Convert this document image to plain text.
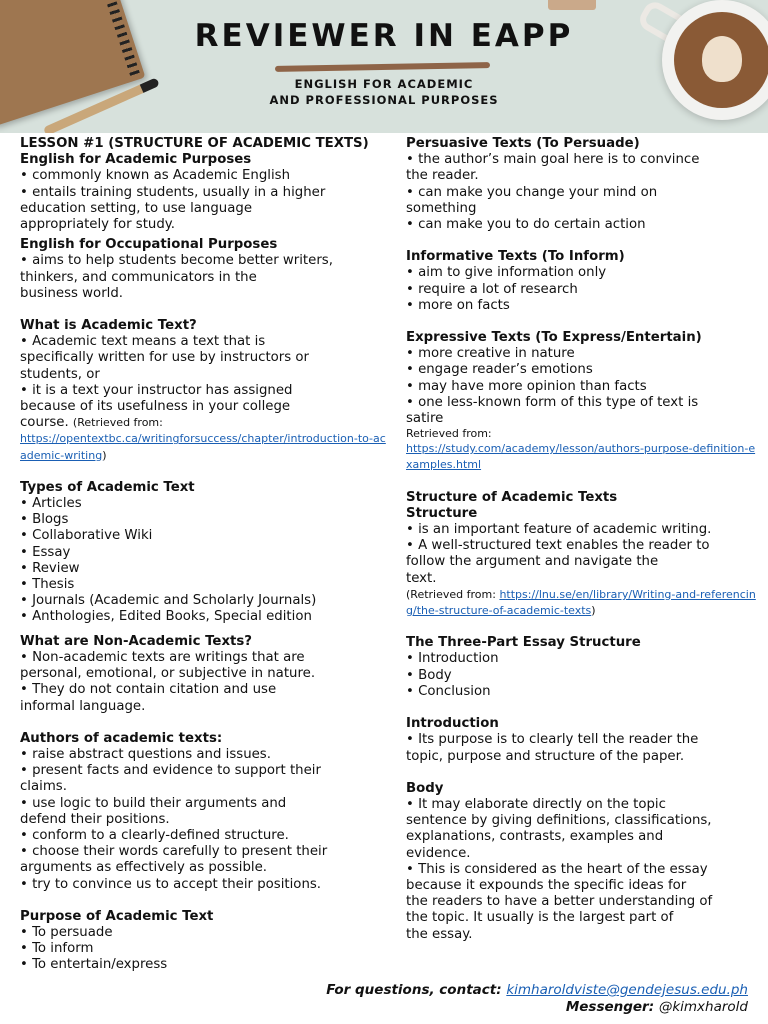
REVIEWER IN EAPP
ENGLISH FOR ACADEMIC
AND PROFESSIONAL PURPOSES
LESSON #1 (STRUCTURE OF ACADEMIC TEXTS)
English for Academic Purposes
• commonly known as Academic English
• entails training students, usually in a higher
education setting, to use language
appropriately for study.
English for Occupational Purposes
• aims to help students become better writers,
thinkers, and communicators in the
business world.
What is Academic Text?
• Academic text means a text that is
specifically written for use by instructors or
students, or
• it is a text your instructor has assigned
because of its usefulness in your college
course. (Retrieved from:
https://opentextbc.ca/writingforsuccess/chapter/introduction-to-academic-writing)
Types of Academic Text
• Articles
• Blogs
• Collaborative Wiki
• Essay
• Review
• Thesis
• Journals (Academic and Scholarly Journals)
• Anthologies, Edited Books, Special edition
What are Non-Academic Texts?
• Non-academic texts are writings that are
personal, emotional, or subjective in nature.
• They do not contain citation and use
informal language.
Authors of academic texts:
• raise abstract questions and issues.
• present facts and evidence to support their
claims.
• use logic to build their arguments and
defend their positions.
• conform to a clearly-defined structure.
• choose their words carefully to present their
arguments as effectively as possible.
• try to convince us to accept their positions.
Purpose of Academic Text
• To persuade
• To inform
• To entertain/express
Persuasive Texts (To Persuade)
• the author’s main goal here is to convince
the reader.
• can make you change your mind on
something
• can make you to do certain action
Informative Texts (To Inform)
• aim to give information only
• require a lot of research
• more on facts
Expressive Texts (To Express/Entertain)
• more creative in nature
• engage reader’s emotions
• may have more opinion than facts
• one less-known form of this type of text is
satire
Retrieved from:
https://study.com/academy/lesson/authors-purpose-definition-examples.html
Structure of Academic Texts
Structure
• is an important feature of academic writing.
• A well-structured text enables the reader to
follow the argument and navigate the
text.
(Retrieved from: https://lnu.se/en/library/Writing-and-referencing/the-structure-of-academic-texts)
The Three-Part Essay Structure
• Introduction
• Body
• Conclusion
Introduction
• Its purpose is to clearly tell the reader the
topic, purpose and structure of the paper.
Body
• It may elaborate directly on the topic
sentence by giving definitions, classifications,
explanations, contrasts, examples and
evidence.
• This is considered as the heart of the essay
because it expounds the specific ideas for
the readers to have a better understanding of
the topic. It usually is the largest part of
the essay.
For questions, contact: kimharoldviste@gendejesus.edu.ph
Messenger: @kimxharold
